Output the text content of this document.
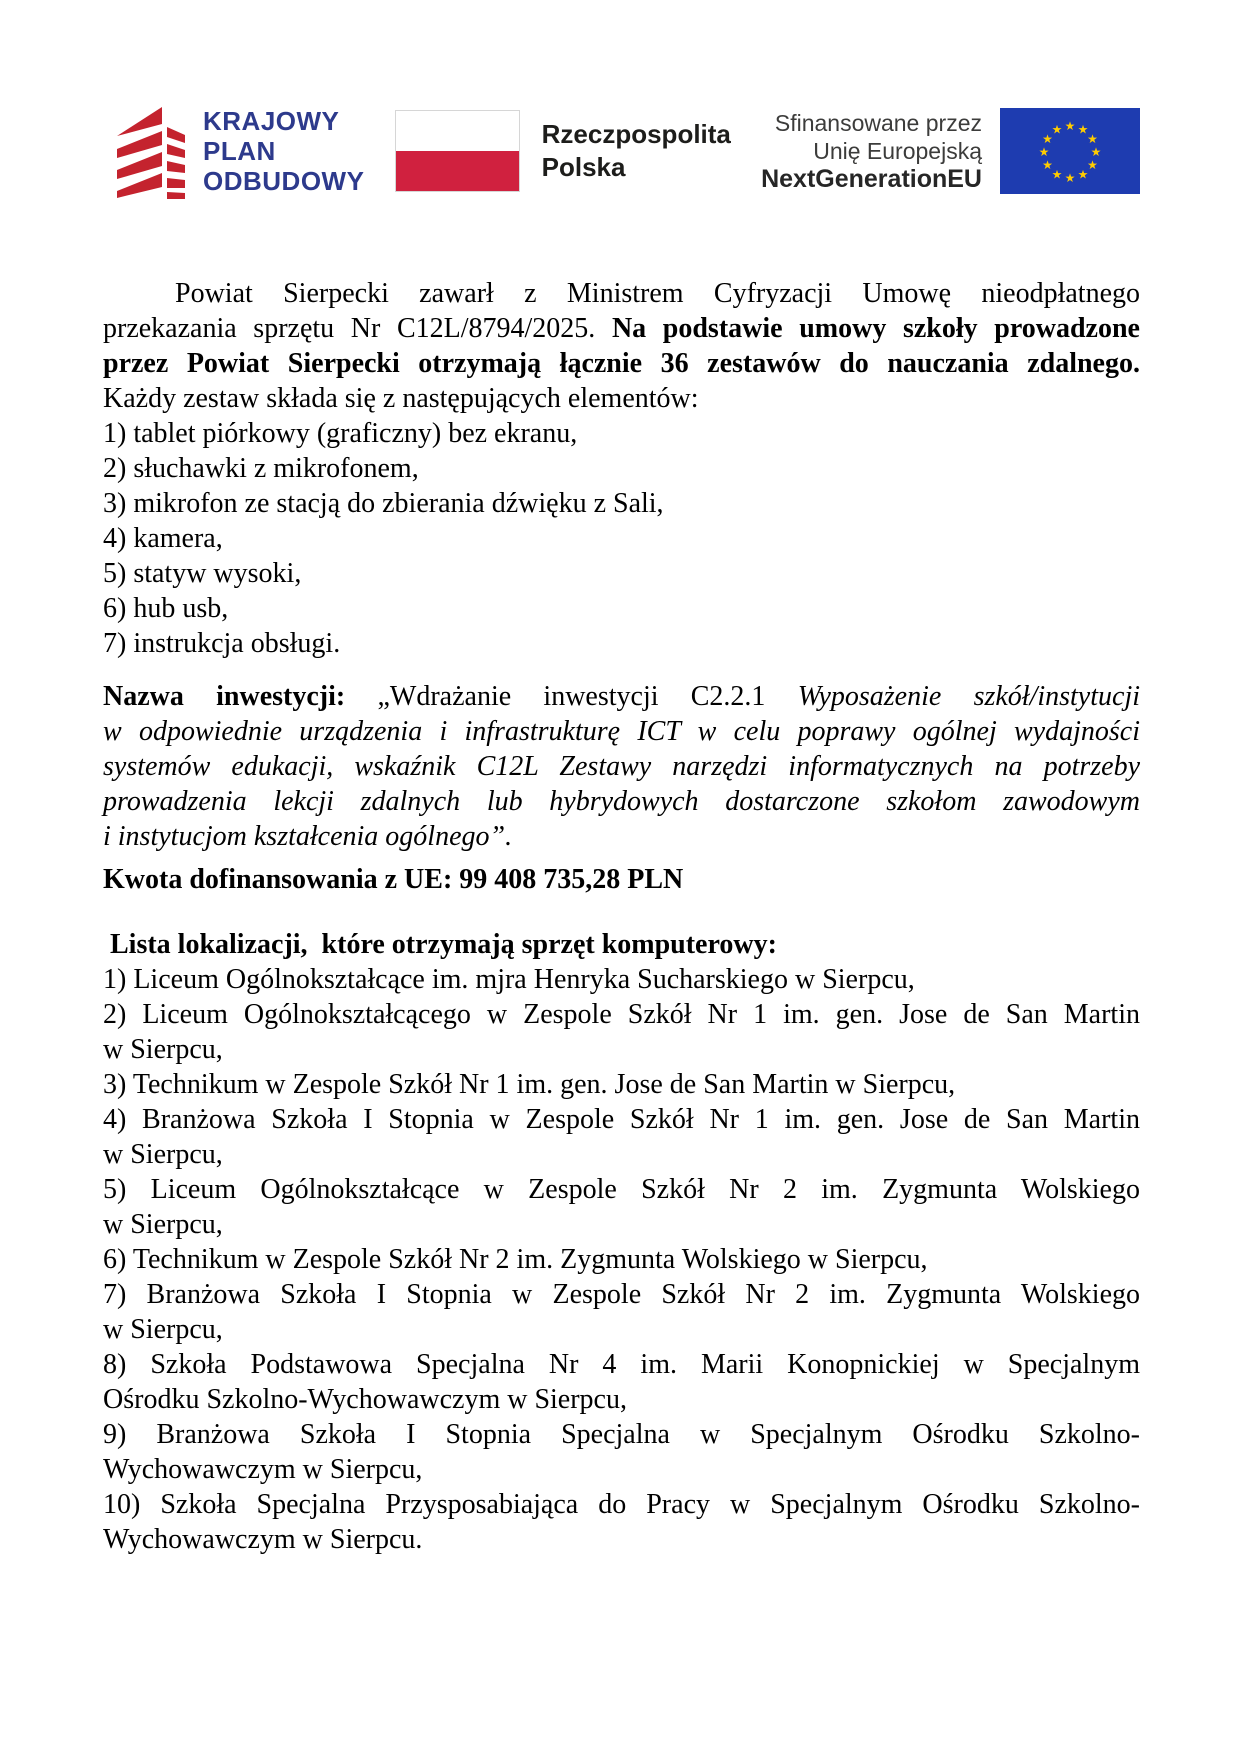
KRAJOWY
PLAN
ODBUDOWY
Rzeczpospolita
Polska
Sfinansowane przez
Unię Europejską
NextGenerationEU
★ ★
★
★
★
★
★
★
★
★
★
★
Powiat Sierpecki zawarł z Ministrem Cyfryzacji Umowę nieodpłatnego
przekazania sprzętu Nr C12L/8794/2025. Na podstawie umowy szkoły prowadzone
przez Powiat Sierpecki otrzymają łącznie 36 zestawów do nauczania zdalnego.
Każdy zestaw składa się z następujących elementów:
1) tablet piórkowy (graficzny) bez ekranu,
2) słuchawki z mikrofonem,
3) mikrofon ze stacją do zbierania dźwięku z Sali,
4) kamera,
5) statyw wysoki,
6) hub usb,
7) instrukcja obsługi.
Nazwa inwestycji: „Wdrażanie inwestycji C2.2.1 Wyposażenie szkół/instytucji
w odpowiednie urządzenia i infrastrukturę ICT w celu poprawy ogólnej wydajności
systemów edukacji, wskaźnik C12L Zestawy narzędzi informatycznych na potrzeby
prowadzenia lekcji zdalnych lub hybrydowych dostarczone szkołom zawodowym
i instytucjom kształcenia ogólnego”.
Kwota dofinansowania z UE: 99 408 735,28 PLN
Lista lokalizacji,  które otrzymają sprzęt komputerowy:
1) Liceum Ogólnokształcące im. mjra Henryka Sucharskiego w Sierpcu,
2) Liceum Ogólnokształcącego w Zespole Szkół Nr 1 im. gen. Jose de San Martin
w Sierpcu,
3) Technikum w Zespole Szkół Nr 1 im. gen. Jose de San Martin w Sierpcu,
4) Branżowa Szkoła I Stopnia w Zespole Szkół Nr 1 im. gen. Jose de San Martin
w Sierpcu,
5) Liceum Ogólnokształcące w Zespole Szkół Nr 2 im. Zygmunta Wolskiego
w Sierpcu,
6) Technikum w Zespole Szkół Nr 2 im. Zygmunta Wolskiego w Sierpcu,
7) Branżowa Szkoła I Stopnia w Zespole Szkół Nr 2 im. Zygmunta Wolskiego
w Sierpcu,
8) Szkoła Podstawowa Specjalna Nr 4 im. Marii Konopnickiej w Specjalnym
Ośrodku Szkolno-Wychowawczym w Sierpcu,
9) Branżowa Szkoła I Stopnia Specjalna w Specjalnym Ośrodku Szkolno-
Wychowawczym w Sierpcu,
10) Szkoła Specjalna Przysposabiająca do Pracy w Specjalnym Ośrodku Szkolno-
Wychowawczym w Sierpcu.
